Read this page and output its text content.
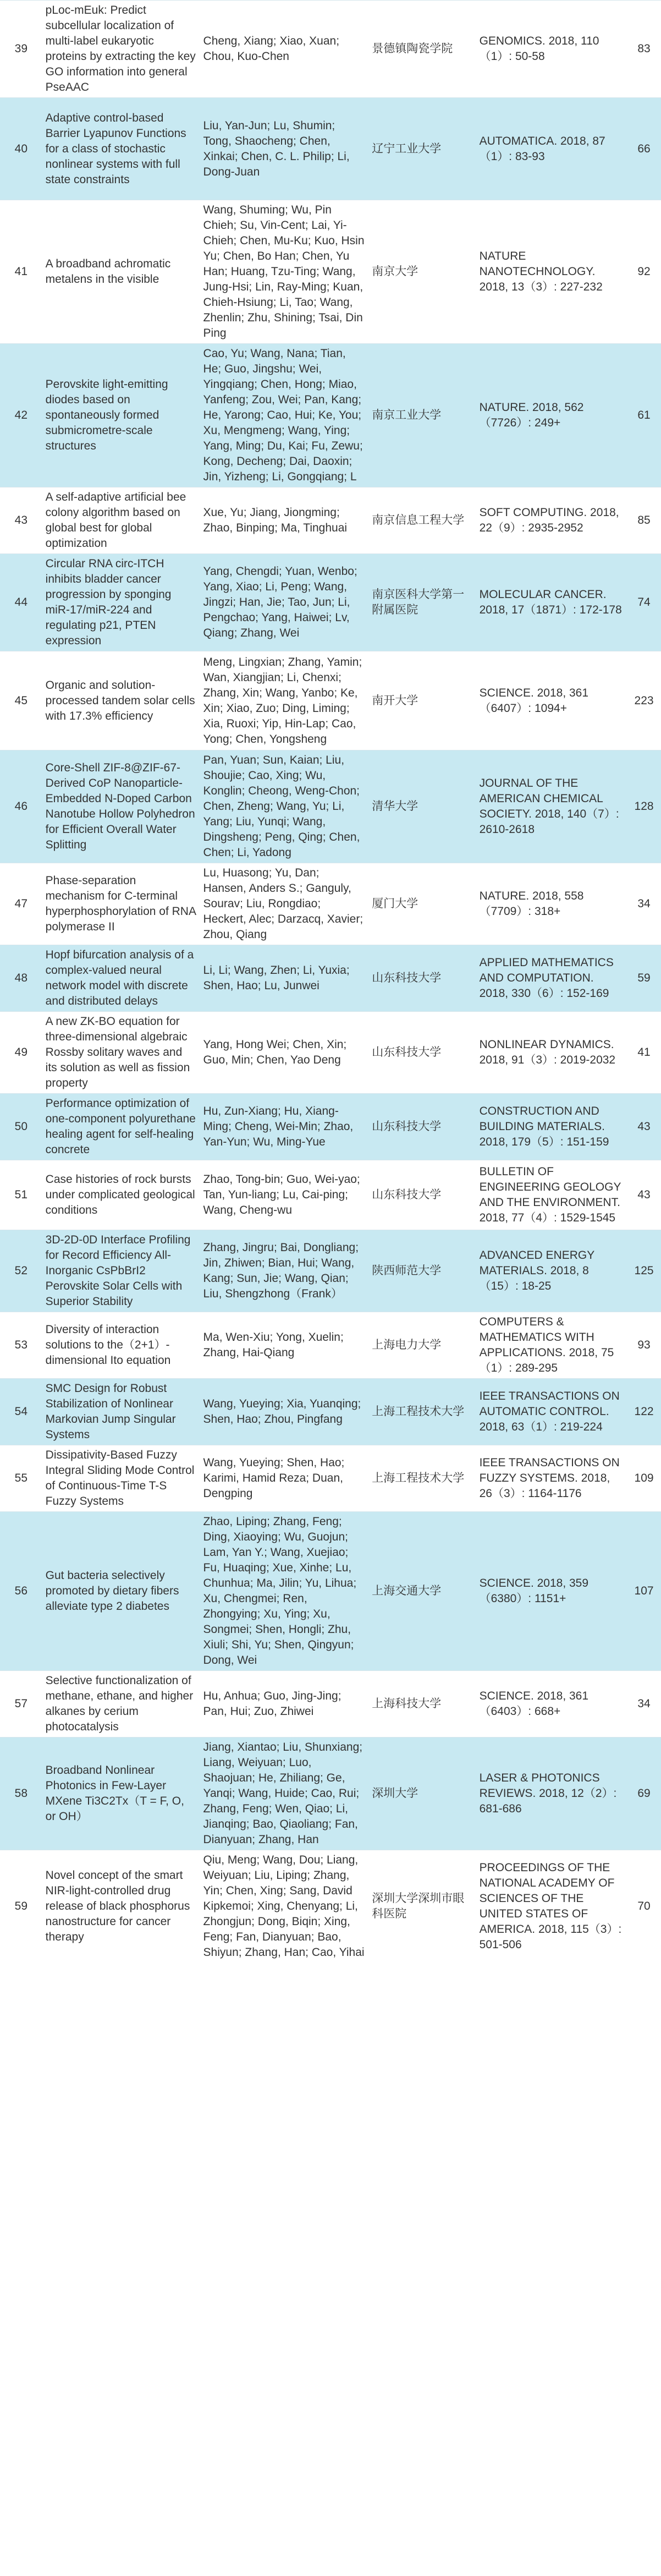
39	pLoc-mEuk: Predict subcellular localization of multi-label eukaryotic proteins by extracting the key GO information into general PseAAC	Cheng, Xiang; Xiao, Xuan; Chou, Kuo-Chen	景德镇陶瓷学院	GENOMICS. 2018, 110（1）: 50-58	83
40	Adaptive control-based Barrier Lyapunov Functions for a class of stochastic nonlinear systems with full state constraints	Liu, Yan-Jun; Lu, Shumin; Tong, Shaocheng; Chen, Xinkai; Chen, C. L. Philip; Li, Dong-Juan	辽宁工业大学	AUTOMATICA. 2018, 87（1）: 83-93	66
41	A broadband achromatic metalens in the visible	Wang, Shuming; Wu, Pin Chieh; Su, Vin-Cent; Lai, Yi-Chieh; Chen, Mu-Ku; Kuo, Hsin Yu; Chen, Bo Han; Chen, Yu Han; Huang, Tzu-Ting; Wang, Jung-Hsi; Lin, Ray-Ming; Kuan, Chieh-Hsiung; Li, Tao; Wang, Zhenlin; Zhu, Shining; Tsai, Din Ping	南京大学	NATURE NANOTECHNOLOGY. 2018, 13（3）: 227-232	92
42	Perovskite light-emitting diodes based on spontaneously formed submicrometre-scale structures	Cao, Yu; Wang, Nana; Tian, He; Guo, Jingshu; Wei, Yingqiang; Chen, Hong; Miao, Yanfeng; Zou, Wei; Pan, Kang; He, Yarong; Cao, Hui; Ke, You; Xu, Mengmeng; Wang, Ying; Yang, Ming; Du, Kai; Fu, Zewu; Kong, Decheng; Dai, Daoxin; Jin, Yizheng; Li, Gongqiang; L	南京工业大学	NATURE. 2018, 562（7726）: 249+	61
43	A self-adaptive artificial bee colony algorithm based on global best for global optimization	Xue, Yu; Jiang, Jiongming; Zhao, Binping; Ma, Tinghuai	南京信息工程大学	SOFT COMPUTING. 2018, 22（9）: 2935-2952	85
44	Circular RNA circ-ITCH inhibits bladder cancer progression by sponging miR-17/miR-224 and regulating p21, PTEN expression	Yang, Chengdi; Yuan, Wenbo; Yang, Xiao; Li, Peng; Wang, Jingzi; Han, Jie; Tao, Jun; Li, Pengchao; Yang, Haiwei; Lv, Qiang; Zhang, Wei	南京医科大学第一附属医院	MOLECULAR CANCER. 2018, 17（1871）: 172-178	74
45	Organic and solution-processed tandem solar cells with 17.3% efficiency	Meng, Lingxian; Zhang, Yamin; Wan, Xiangjian; Li, Chenxi; Zhang, Xin; Wang, Yanbo; Ke, Xin; Xiao, Zuo; Ding, Liming; Xia, Ruoxi; Yip, Hin-Lap; Cao, Yong; Chen, Yongsheng	南开大学	SCIENCE. 2018, 361（6407）: 1094+	223
46	Core-Shell ZIF-8@ZIF-67-Derived CoP Nanoparticle-Embedded N-Doped Carbon Nanotube Hollow Polyhedron for Efficient Overall Water Splitting	Pan, Yuan; Sun, Kaian; Liu, Shoujie; Cao, Xing; Wu, Konglin; Cheong, Weng-Chon; Chen, Zheng; Wang, Yu; Li, Yang; Liu, Yunqi; Wang, Dingsheng; Peng, Qing; Chen, Chen; Li, Yadong	清华大学	JOURNAL OF THE AMERICAN CHEMICAL SOCIETY. 2018, 140（7）: 2610-2618	128
47	Phase-separation mechanism for C-terminal hyperphosphorylation of RNA polymerase II	Lu, Huasong; Yu, Dan; Hansen, Anders S.; Ganguly, Sourav; Liu, Rongdiao; Heckert, Alec; Darzacq, Xavier; Zhou, Qiang	厦门大学	NATURE. 2018, 558（7709）: 318+	34
48	Hopf bifurcation analysis of a complex-valued neural network model with discrete and distributed delays	Li, Li; Wang, Zhen; Li, Yuxia; Shen, Hao; Lu, Junwei	山东科技大学	APPLIED MATHEMATICS AND COMPUTATION. 2018, 330（6）: 152-169	59
49	A new ZK-BO equation for three-dimensional algebraic Rossby solitary waves and its solution as well as fission property	Yang, Hong Wei; Chen, Xin; Guo, Min; Chen, Yao Deng	山东科技大学	NONLINEAR DYNAMICS. 2018, 91（3）: 2019-2032	41
50	Performance optimization of one-component polyurethane healing agent for self-healing concrete	Hu, Zun-Xiang; Hu, Xiang-Ming; Cheng, Wei-Min; Zhao, Yan-Yun; Wu, Ming-Yue	山东科技大学	CONSTRUCTION AND BUILDING MATERIALS. 2018, 179（5）: 151-159	43
51	Case histories of rock bursts under complicated geological conditions	Zhao, Tong-bin; Guo, Wei-yao; Tan, Yun-liang; Lu, Cai-ping; Wang, Cheng-wu	山东科技大学	BULLETIN OF ENGINEERING GEOLOGY AND THE ENVIRONMENT. 2018, 77（4）: 1529-1545	43
52	3D-2D-0D Interface Profiling for Record Efficiency All-Inorganic CsPbBrI2 Perovskite Solar Cells with Superior Stability	Zhang, Jingru; Bai, Dongliang; Jin, Zhiwen; Bian, Hui; Wang, Kang; Sun, Jie; Wang, Qian; Liu, Shengzhong（Frank）	陕西师范大学	ADVANCED ENERGY MATERIALS. 2018, 8（15）: 18-25	125
53	Diversity of interaction solutions to the（2+1）-dimensional Ito equation	Ma, Wen-Xiu; Yong, Xuelin; Zhang, Hai-Qiang	上海电力大学	COMPUTERS & MATHEMATICS WITH APPLICATIONS. 2018, 75（1）: 289-295	93
54	SMC Design for Robust Stabilization of Nonlinear Markovian Jump Singular Systems	Wang, Yueying; Xia, Yuanqing; Shen, Hao; Zhou, Pingfang	上海工程技术大学	IEEE TRANSACTIONS ON AUTOMATIC CONTROL. 2018, 63（1）: 219-224	122
55	Dissipativity-Based Fuzzy Integral Sliding Mode Control of Continuous-Time T-S Fuzzy Systems	Wang, Yueying; Shen, Hao; Karimi, Hamid Reza; Duan, Dengping	上海工程技术大学	IEEE TRANSACTIONS ON FUZZY SYSTEMS. 2018, 26（3）: 1164-1176	109
56	Gut bacteria selectively promoted by dietary fibers alleviate type 2 diabetes	Zhao, Liping; Zhang, Feng; Ding, Xiaoying; Wu, Guojun; Lam, Yan Y.; Wang, Xuejiao; Fu, Huaqing; Xue, Xinhe; Lu, Chunhua; Ma, Jilin; Yu, Lihua; Xu, Chengmei; Ren, Zhongying; Xu, Ying; Xu, Songmei; Shen, Hongli; Zhu, Xiuli; Shi, Yu; Shen, Qingyun; Dong, Wei	上海交通大学	SCIENCE. 2018, 359（6380）: 1151+	107
57	Selective functionalization of methane, ethane, and higher alkanes by cerium photocatalysis	Hu, Anhua; Guo, Jing-Jing; Pan, Hui; Zuo, Zhiwei	上海科技大学	SCIENCE. 2018, 361（6403）: 668+	34
58	Broadband Nonlinear Photonics in Few-Layer MXene Ti3C2Tx（T = F, O, or OH）	Jiang, Xiantao; Liu, Shunxiang; Liang, Weiyuan; Luo, Shaojuan; He, Zhiliang; Ge, Yanqi; Wang, Huide; Cao, Rui; Zhang, Feng; Wen, Qiao; Li, Jianqing; Bao, Qiaoliang; Fan, Dianyuan; Zhang, Han	深圳大学	LASER & PHOTONICS REVIEWS. 2018, 12（2）: 681-686	69
59	Novel concept of the smart NIR-light-controlled drug release of black phosphorus nanostructure for cancer therapy	Qiu, Meng; Wang, Dou; Liang, Weiyuan; Liu, Liping; Zhang, Yin; Chen, Xing; Sang, David Kipkemoi; Xing, Chenyang; Li, Zhongjun; Dong, Biqin; Xing, Feng; Fan, Dianyuan; Bao, Shiyun; Zhang, Han; Cao, Yihai	深圳大学深圳市眼科医院	PROCEEDINGS OF THE NATIONAL ACADEMY OF SCIENCES OF THE UNITED STATES OF AMERICA. 2018, 115（3）: 501-506	70
